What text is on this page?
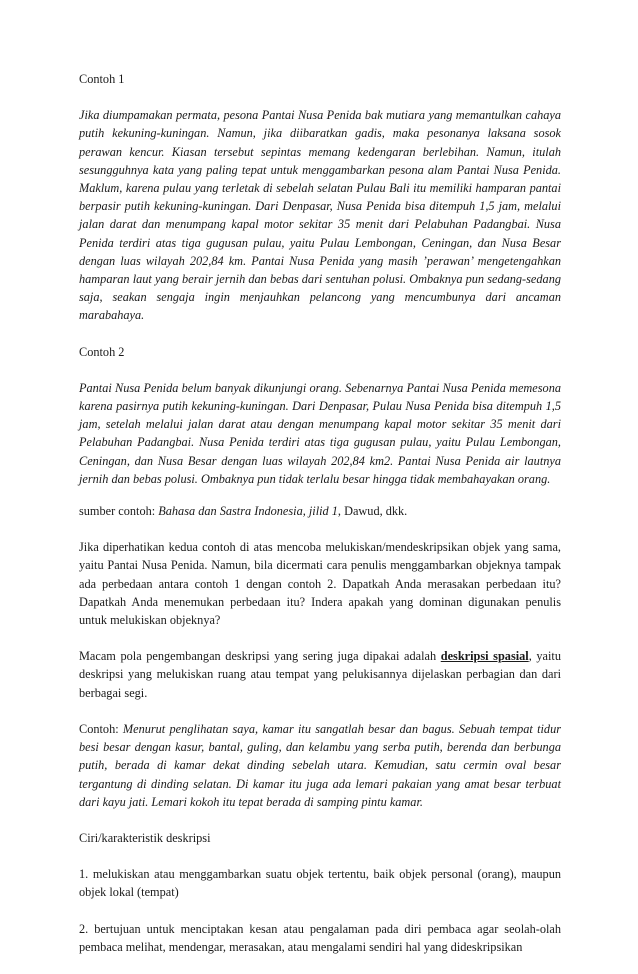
Contoh 1

Jika diumpamakan permata, pesona Pantai Nusa Penida bak mutiara yang memantulkan cahaya putih kekuning-kuningan. Namun, jika diibaratkan gadis, maka pesonanya laksana sosok perawan kencur. Kiasan tersebut sepintas memang kedengaran berlebihan. Namun, itulah sesungguhnya kata yang paling tepat untuk menggambarkan pesona alam Pantai Nusa Penida. Maklum, karena pulau yang terletak di sebelah selatan Pulau Bali itu memiliki hamparan pantai berpasir putih kekuning-kuningan. Dari Denpasar, Nusa Penida bisa ditempuh 1,5 jam, melalui jalan darat dan menumpang kapal motor sekitar 35 menit dari Pelabuhan Padangbai. Nusa Penida terdiri atas tiga gugusan pulau, yaitu Pulau Lembongan, Ceningan, dan Nusa Besar dengan luas wilayah 202,84 km. Pantai Nusa Penida yang masih ’perawan’ mengetengahkan hamparan laut yang berair jernih dan bebas dari sentuhan polusi. Ombaknya pun sedang-sedang saja, seakan sengaja ingin menjauhkan pelancong yang mencumbunya dari ancaman marabahaya.

Contoh 2

Pantai Nusa Penida belum banyak dikunjungi orang. Sebenarnya Pantai Nusa Penida memesona karena pasirnya putih kekuning-kuningan. Dari Denpasar, Pulau Nusa Penida bisa ditempuh 1,5 jam, setelah melalui jalan darat atau dengan menumpang kapal motor sekitar 35 menit dari Pelabuhan Padangbai. Nusa Penida terdiri atas tiga gugusan pulau, yaitu Pulau Lembongan, Ceningan, dan Nusa Besar dengan luas wilayah 202,84 km2. Pantai Nusa Penida air lautnya jernih dan bebas polusi. Ombaknya pun tidak terlalu besar hingga tidak membahayakan orang.

sumber contoh: Bahasa dan Sastra Indonesia, jilid 1, Dawud, dkk.

Jika diperhatikan kedua contoh di atas mencoba melukiskan/mendeskripsikan objek yang sama, yaitu Pantai Nusa Penida. Namun, bila dicermati cara penulis menggambarkan objeknya tampak ada perbedaan antara contoh 1 dengan contoh 2. Dapatkah Anda merasakan perbedaan itu? Dapatkah Anda menemukan perbedaan itu? Indera apakah yang dominan digunakan penulis untuk melukiskan objeknya?

Macam pola pengembangan deskripsi yang sering juga dipakai adalah deskripsi spasial, yaitu deskripsi yang melukiskan ruang atau tempat yang pelukisannya dijelaskan perbagian dan dari berbagai segi.

Contoh: Menurut penglihatan saya, kamar itu sangatlah besar dan bagus. Sebuah tempat tidur besi besar dengan kasur, bantal, guling, dan kelambu yang serba putih, berenda dan berbunga putih, berada di kamar dekat dinding sebelah utara. Kemudian, satu cermin oval besar tergantung di dinding selatan. Di kamar itu juga ada lemari pakaian yang amat besar terbuat dari kayu jati. Lemari kokoh itu tepat berada di samping pintu kamar.

Ciri/karakteristik deskripsi

1. melukiskan atau menggambarkan suatu objek tertentu, baik objek personal (orang), maupun objek lokal (tempat)

2. bertujuan untuk menciptakan kesan atau pengalaman pada diri pembaca agar seolah-olah pembaca melihat, mendengar, merasakan, atau mengalami sendiri hal yang dideskripsikan
